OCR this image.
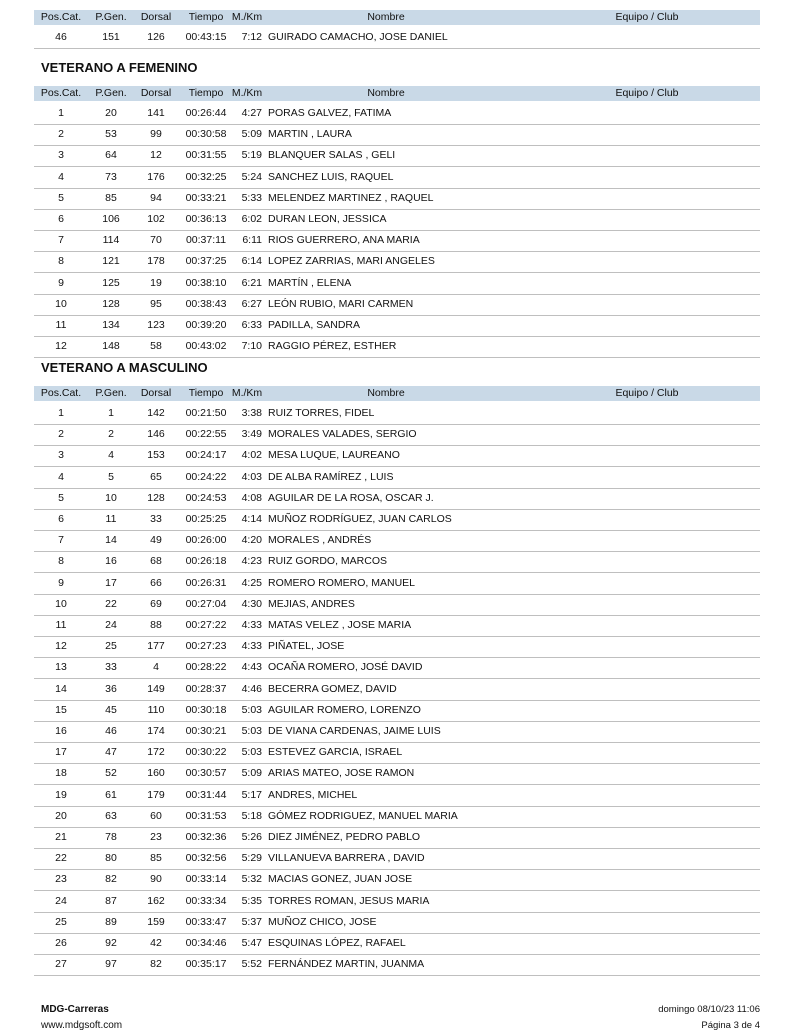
Pos.Cat.	P.Gen.	Dorsal	Tiempo M./Km	Nombre	Equipo / Club
46	151	126	00:43:15	7:12 GUIRADO CAMACHO, JOSE DANIEL
VETERANO A FEMENINO
Pos.Cat.	P.Gen.	Dorsal	Tiempo M./Km	Nombre	Equipo / Club
1	20	141	00:26:44	4:27 PORAS GALVEZ, FATIMA
2	53	99	00:30:58	5:09 MARTIN , LAURA
3	64	12	00:31:55	5:19 BLANQUER SALAS , GELI
4	73	176	00:32:25	5:24 SANCHEZ LUIS, RAQUEL
5	85	94	00:33:21	5:33 MELENDEZ MARTINEZ , RAQUEL
6	106	102	00:36:13	6:02 DURAN LEON, JESSICA
7	114	70	00:37:11	6:11 RIOS GUERRERO, ANA MARIA
8	121	178	00:37:25	6:14 LOPEZ ZARRIAS, MARI ANGELES
9	125	19	00:38:10	6:21 MARTÍN , ELENA
10	128	95	00:38:43	6:27 LEÓN RUBIO, MARI CARMEN
11	134	123	00:39:20	6:33 PADILLA, SANDRA
12	148	58	00:43:02	7:10 RAGGIO PÉREZ, ESTHER
VETERANO A MASCULINO
Pos.Cat.	P.Gen.	Dorsal	Tiempo M./Km	Nombre	Equipo / Club
1	1	142	00:21:50	3:38 RUIZ TORRES, FIDEL
2	2	146	00:22:55	3:49 MORALES VALADES, SERGIO
3	4	153	00:24:17	4:02 MESA LUQUE, LAUREANO
4	5	65	00:24:22	4:03 DE ALBA RAMÍREZ , LUIS
5	10	128	00:24:53	4:08 AGUILAR DE LA ROSA, OSCAR J.
6	11	33	00:25:25	4:14 MUÑOZ RODRÍGUEZ, JUAN CARLOS
7	14	49	00:26:00	4:20 MORALES , ANDRÉS
8	16	68	00:26:18	4:23 RUIZ GORDO, MARCOS
9	17	66	00:26:31	4:25 ROMERO ROMERO, MANUEL
10	22	69	00:27:04	4:30 MEJIAS, ANDRES
11	24	88	00:27:22	4:33 MATAS VELEZ , JOSE MARIA
12	25	177	00:27:23	4:33 PIÑATEL, JOSE
13	33	4	00:28:22	4:43 OCAÑA ROMERO, JOSÉ DAVID
14	36	149	00:28:37	4:46 BECERRA GOMEZ, DAVID
15	45	110	00:30:18	5:03 AGUILAR ROMERO, LORENZO
16	46	174	00:30:21	5:03 DE VIANA CARDENAS, JAIME LUIS
17	47	172	00:30:22	5:03 ESTEVEZ GARCIA, ISRAEL
18	52	160	00:30:57	5:09 ARIAS MATEO, JOSE RAMON
19	61	179	00:31:44	5:17 ANDRES, MICHEL
20	63	60	00:31:53	5:18 GÓMEZ RODRIGUEZ, MANUEL MARIA
21	78	23	00:32:36	5:26 DIEZ JIMÉNEZ, PEDRO PABLO
22	80	85	00:32:56	5:29 VILLANUEVA BARRERA , DAVID
23	82	90	00:33:14	5:32 MACIAS GONEZ, JUAN JOSE
24	87	162	00:33:34	5:35 TORRES ROMAN, JESUS MARIA
25	89	159	00:33:47	5:37 MUÑOZ CHICO, JOSE
26	92	42	00:34:46	5:47 ESQUINAS LÓPEZ, RAFAEL
27	97	82	00:35:17	5:52 FERNÁNDEZ MARTIN, JUANMA
MDG-Carreras
www.mdgsoft.com
domingo 08/10/23 11:06
Página 3 de 4
